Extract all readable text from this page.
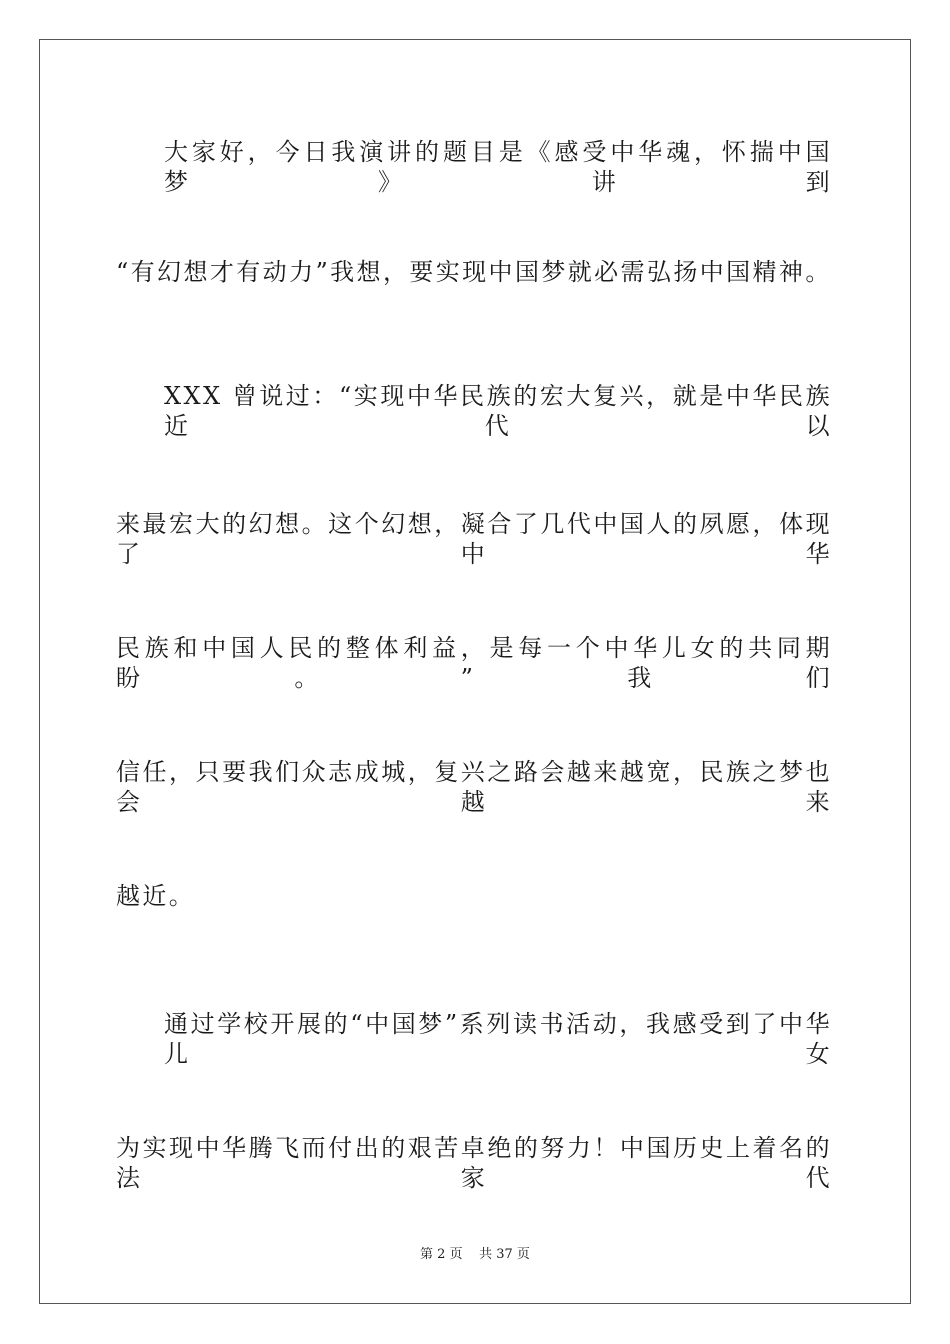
大家好，今日我演讲的题目是《感受中华魂，怀揣中国梦》讲到
“有幻想才有动力”我想，要实现中国梦就必需弘扬中国精神。
XXX 曾说过：“实现中华民族的宏大复兴，就是中华民族近代以
来最宏大的幻想。这个幻想，凝合了几代中国人的夙愿，体现了中华
民族和中国人民的整体利益，是每一个中华儿女的共同期盼。”我们
信任，只要我们众志成城，复兴之路会越来越宽，民族之梦也会越来
越近。
通过学校开展的“中国梦”系列读书活动，我感受到了中华儿女
为实现中华腾飞而付出的艰苦卓绝的努力！中国历史上着名的法家代
第 2 页 共 37 页
